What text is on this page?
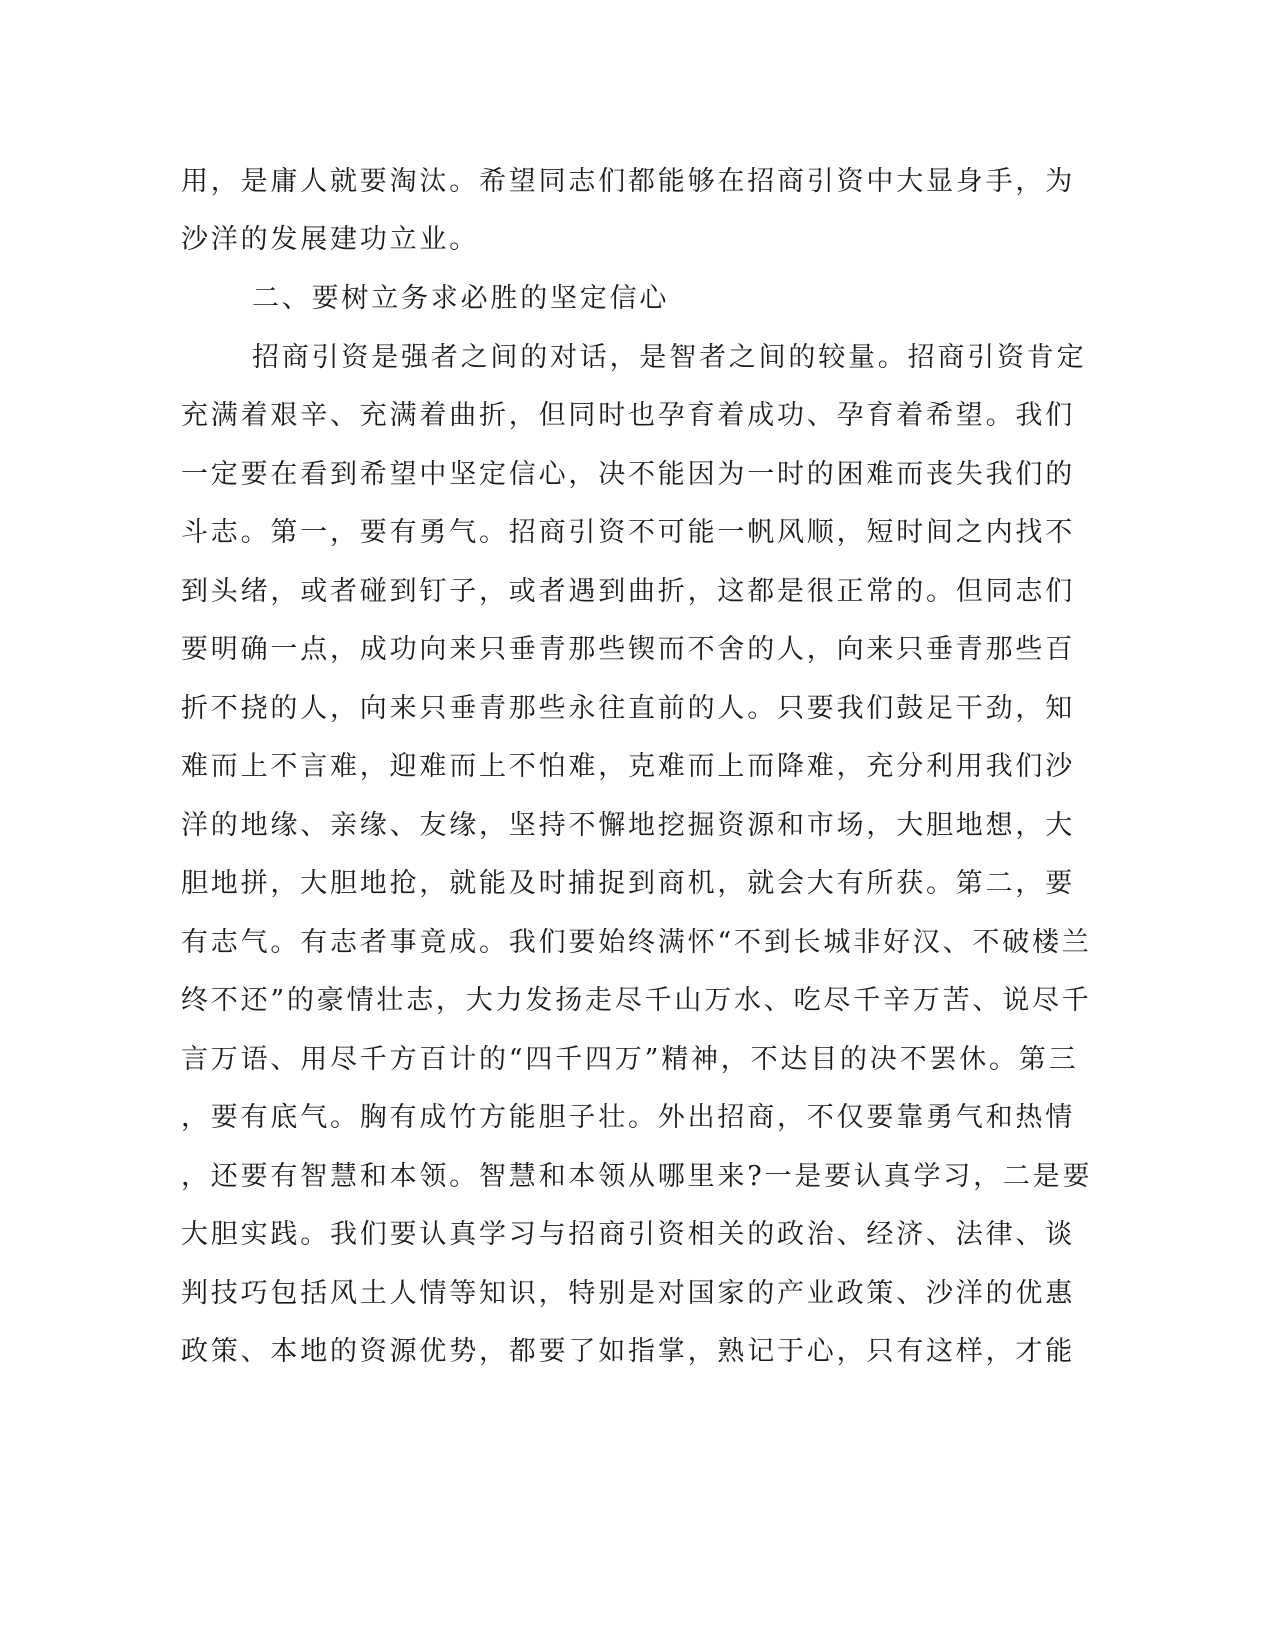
用，是庸人就要淘汰。希望同志们都能够在招商引资中大显身手，为

沙洋的发展建功立业。

二、要树立务求必胜的坚定信心

招商引资是强者之间的对话，是智者之间的较量。招商引资肯定

充满着艰辛、充满着曲折，但同时也孕育着成功、孕育着希望。我们

一定要在看到希望中坚定信心，决不能因为一时的困难而丧失我们的

斗志。第一，要有勇气。招商引资不可能一帆风顺，短时间之内找不

到头绪，或者碰到钉子，或者遇到曲折，这都是很正常的。但同志们

要明确一点，成功向来只垂青那些锲而不舍的人，向来只垂青那些百

折不挠的人，向来只垂青那些永往直前的人。只要我们鼓足干劲，知

难而上不言难，迎难而上不怕难，克难而上而降难，充分利用我们沙

洋的地缘、亲缘、友缘，坚持不懈地挖掘资源和市场，大胆地想，大

胆地拼，大胆地抢，就能及时捕捉到商机，就会大有所获。第二，要

有志气。有志者事竟成。我们要始终满怀“不到长城非好汉、不破楼兰

终不还”的豪情壮志，大力发扬走尽千山万水、吃尽千辛万苦、说尽千

言万语、用尽千方百计的“四千四万”精神，不达目的决不罢休。第三

，要有底气。胸有成竹方能胆子壮。外出招商，不仅要靠勇气和热情

，还要有智慧和本领。智慧和本领从哪里来?一是要认真学习，二是要

大胆实践。我们要认真学习与招商引资相关的政治、经济、法律、谈

判技巧包括风土人情等知识，特别是对国家的产业政策、沙洋的优惠

政策、本地的资源优势，都要了如指掌，熟记于心，只有这样，才能
